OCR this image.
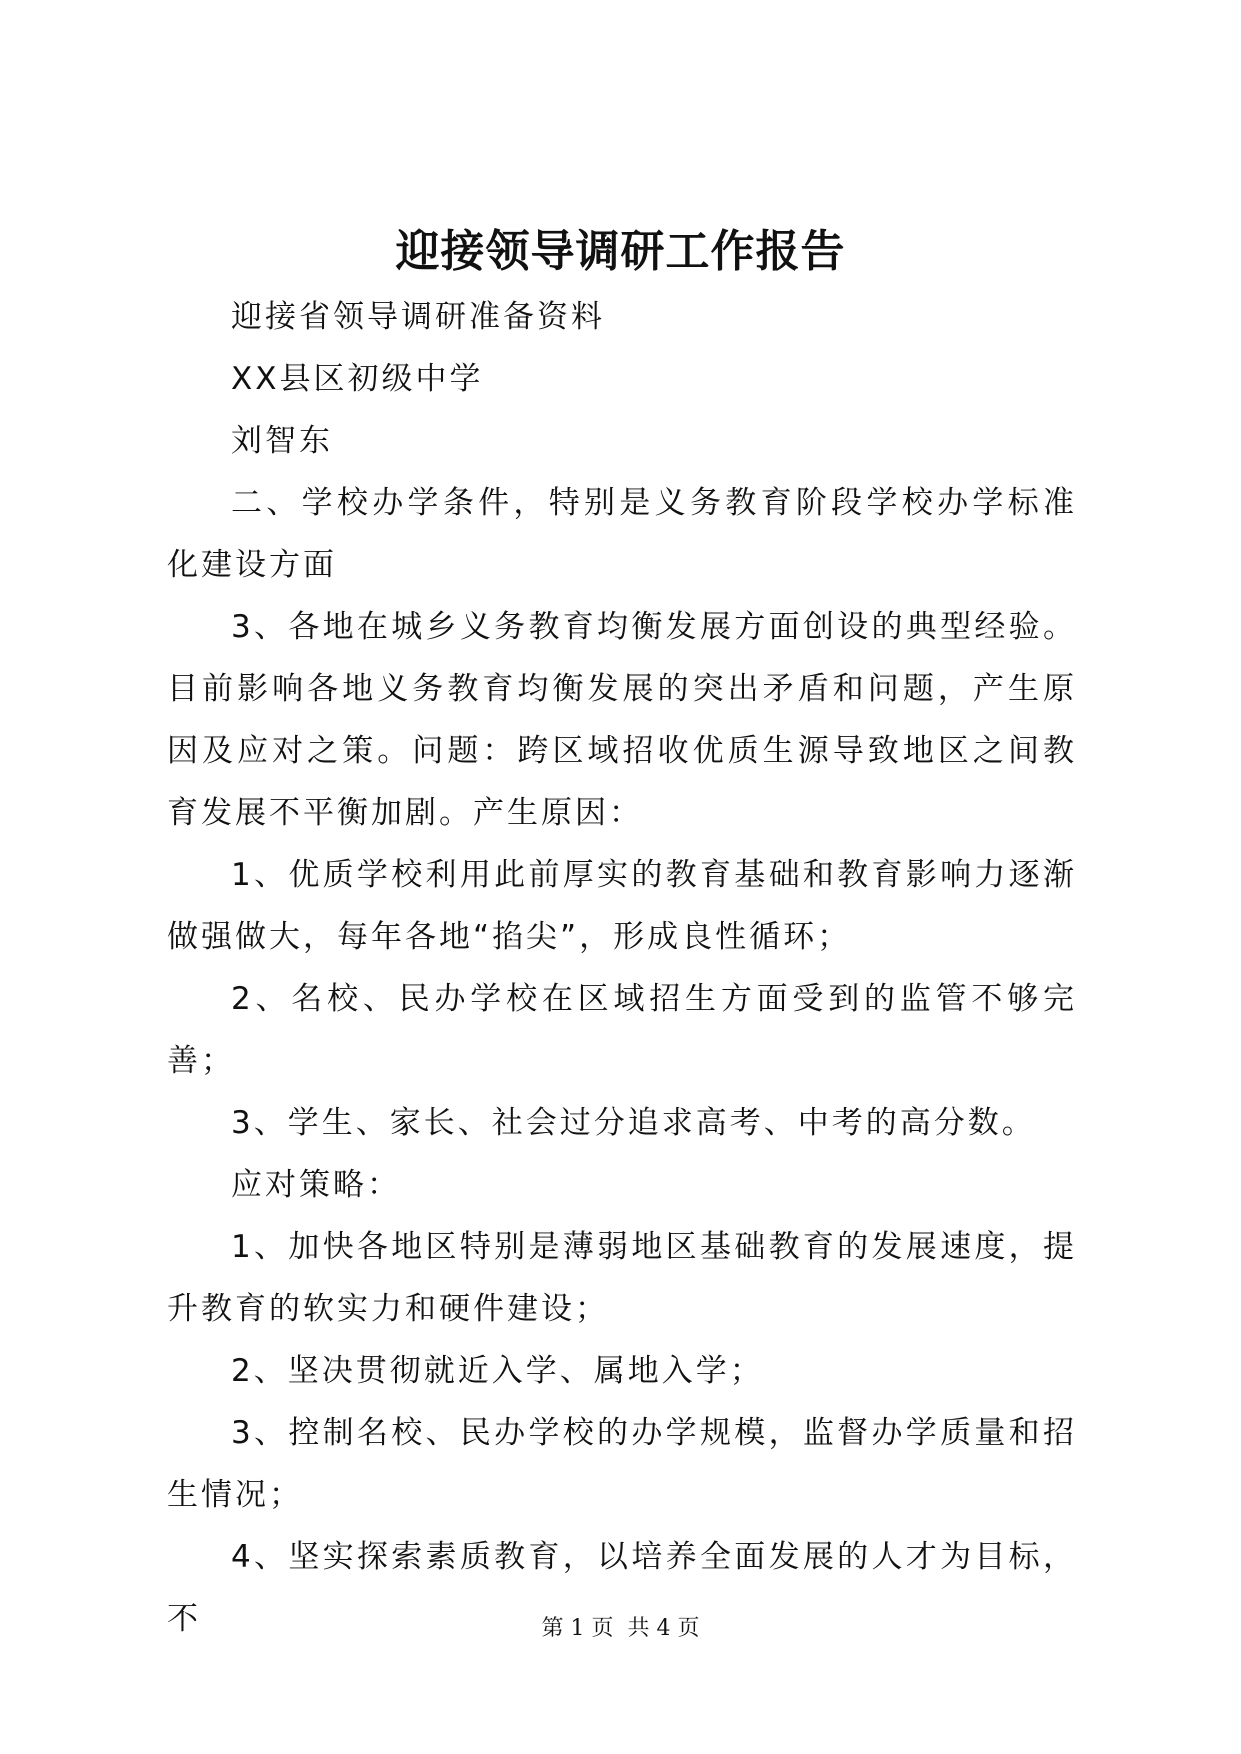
迎接领导调研工作报告

迎接省领导调研准备资料

XX县区初级中学

刘智东

二、学校办学条件，特别是义务教育阶段学校办学标准化建设方面

3、各地在城乡义务教育均衡发展方面创设的典型经验。目前影响各地义务教育均衡发展的突出矛盾和问题，产生原因及应对之策。问题：跨区域招收优质生源导致地区之间教育发展不平衡加剧。产生原因：

1、优质学校利用此前厚实的教育基础和教育影响力逐渐做强做大，每年各地“掐尖”，形成良性循环；

2、名校、民办学校在区域招生方面受到的监管不够完善；

3、学生、家长、社会过分追求高考、中考的高分数。

应对策略：

1、加快各地区特别是薄弱地区基础教育的发展速度，提升教育的软实力和硬件建设；

2、坚决贯彻就近入学、属地入学；

3、控制名校、民办学校的办学规模，监督办学质量和招生情况；

4、坚实探索素质教育，以培养全面发展的人才为目标，不	第 1 页  共 4 页
